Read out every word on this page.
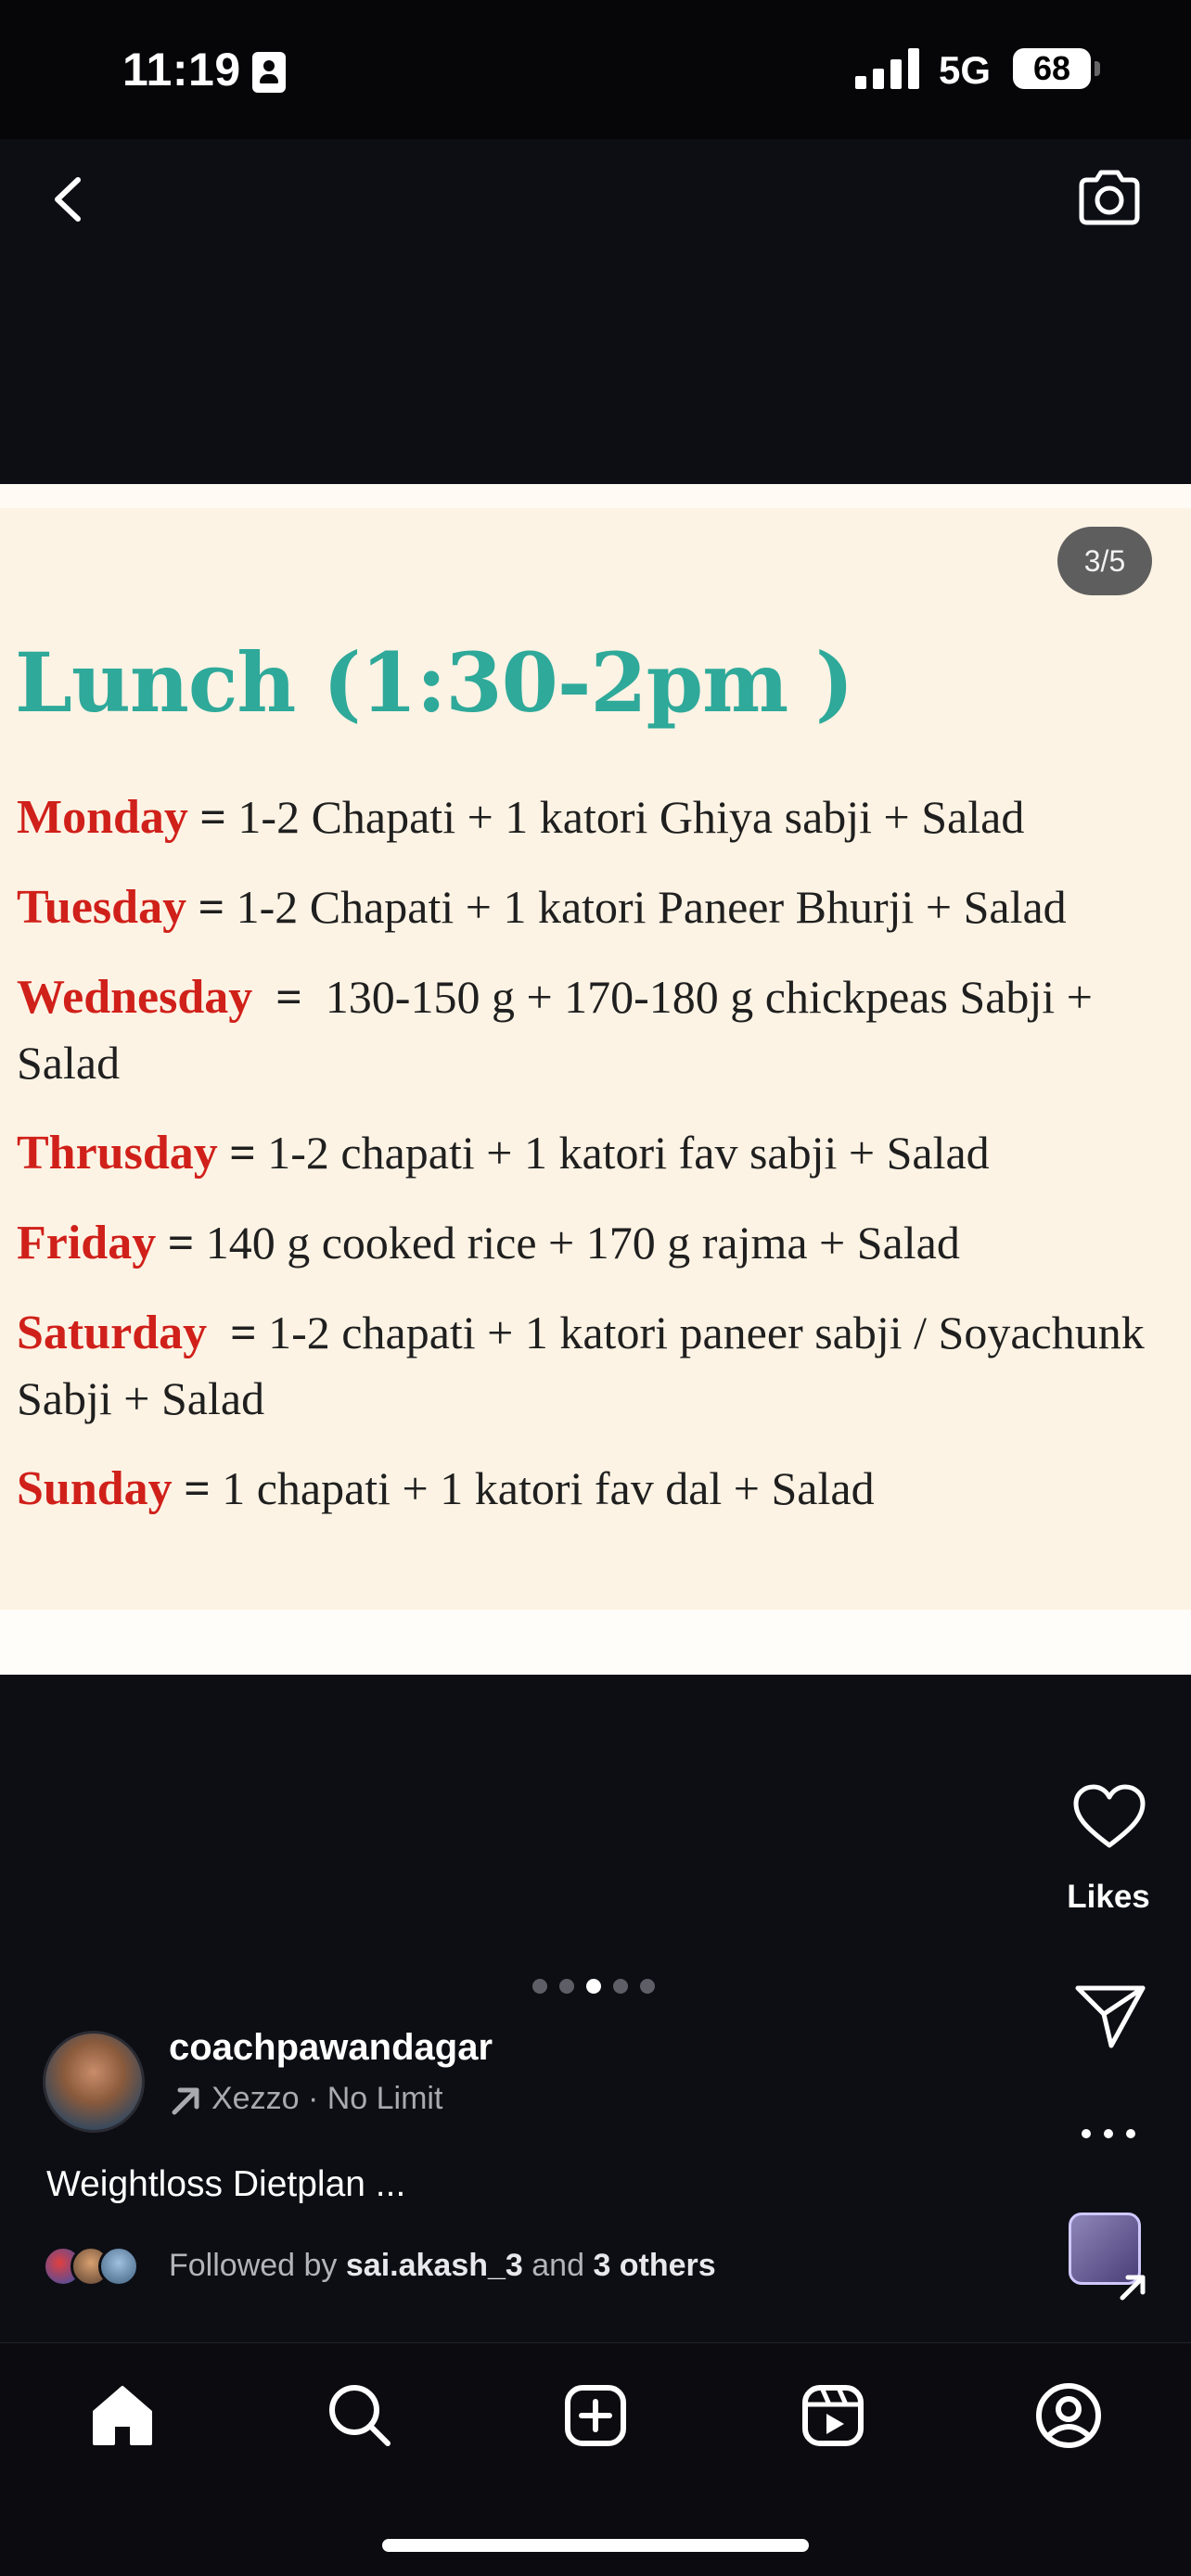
11:19	5G	68
3/5
Lunch (1:30-2pm )
Monday = 1-2 Chapati + 1 katori Ghiya sabji + Salad
Tuesday = 1-2 Chapati + 1 katori Paneer Bhurji + Salad
Wednesday  =  130-150 g + 170-180 g chickpeas Sabji + Salad
Thrusday = 1-2 chapati + 1 katori fav sabji + Salad
Friday = 140 g cooked rice + 170 g rajma + Salad
Saturday  = 1-2 chapati + 1 katori paneer sabji / Soyachunk Sabji + Salad
Sunday = 1 chapati + 1 katori fav dal + Salad
Likes
coachpawandagar
Xezzo · No Limit
Weightloss Dietplan ...
Followed by sai.akash_3 and 3 others
